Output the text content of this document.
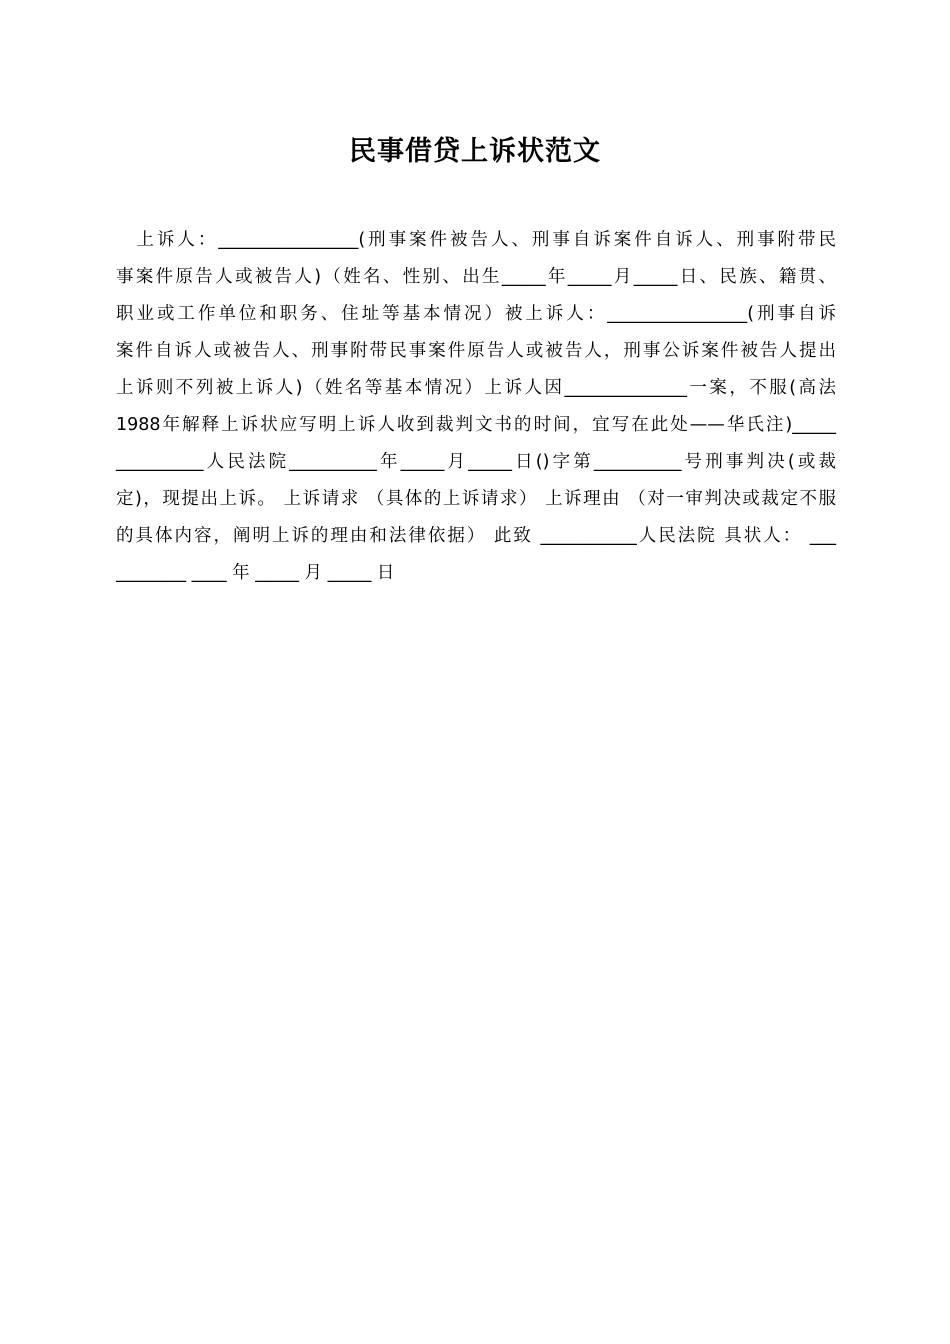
民事借贷上诉状范文
　上诉人：________________(刑事案件被告人、刑事自诉案件自诉人、刑事附带民
事案件原告人或被告人)（姓名、性别、出生_____年_____月_____日、民族、籍贯、
职业或工作单位和职务、住址等基本情况）被上诉人：________________(刑事自诉
案件自诉人或被告人、刑事附带民事案件原告人或被告人，刑事公诉案件被告人提出
上诉则不列被上诉人)（姓名等基本情况）上诉人因______________一案，不服(高法
1988年解释上诉状应写明上诉人收到裁判文书的时间，宜写在此处——华氏注)_____
__________人民法院__________年_____月_____日()字第__________号刑事判决(或裁
定)，现提出上诉。 上诉请求 （具体的上诉请求） 上诉理由 （对一审判决或裁定不服
的具体内容，阐明上诉的理由和法律依据） 此致 ___________人民法院 具状人： ___
________ ____ 年 _____ 月 _____ 日
